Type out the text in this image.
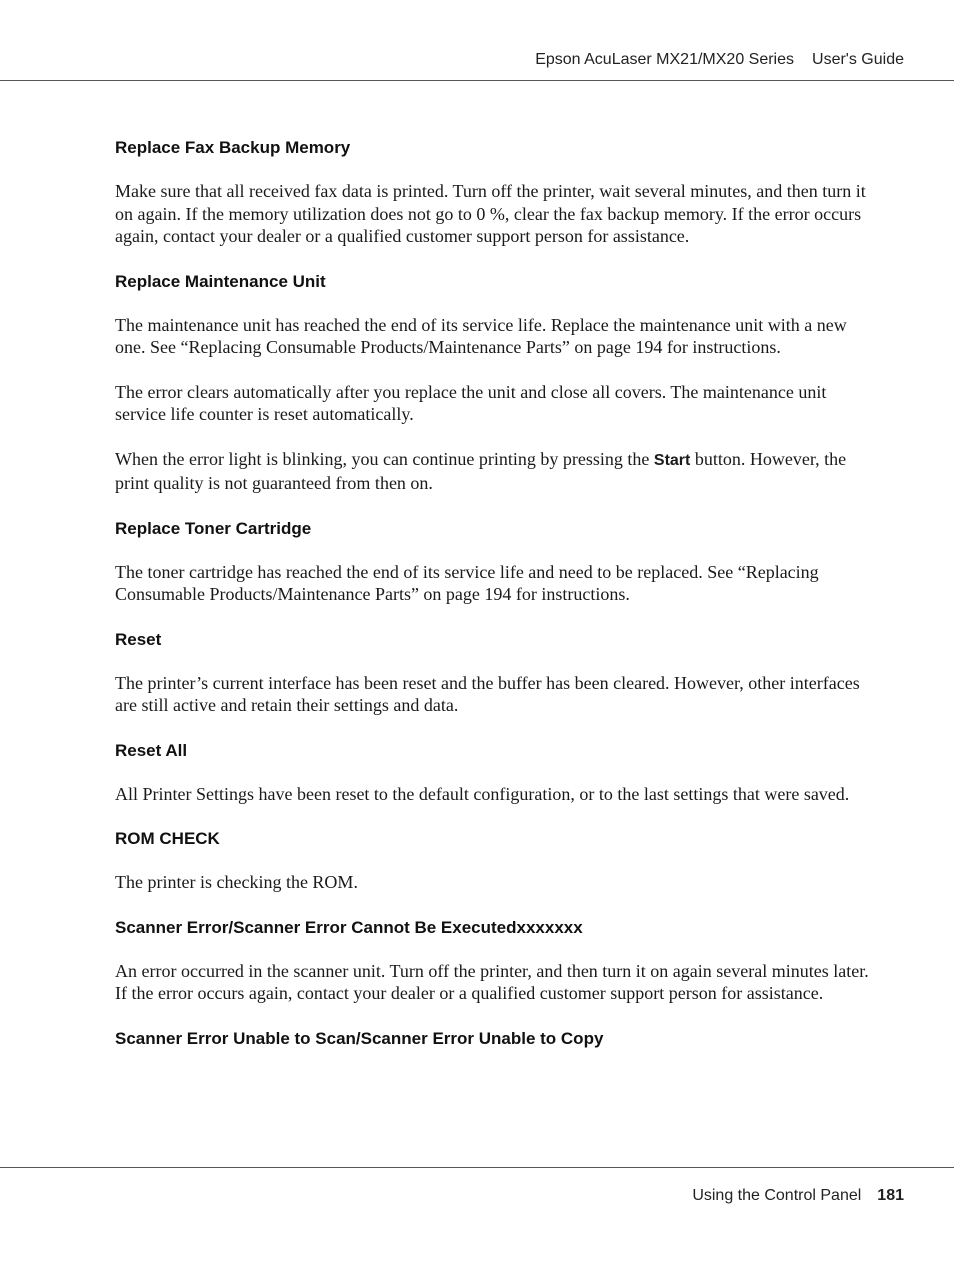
Epson AcuLaser MX21/MX20 Series User's Guide
Replace Fax Backup Memory

Make sure that all received fax data is printed. Turn off the printer, wait several minutes, and then turn it on again. If the memory utilization does not go to 0 %, clear the fax backup memory. If the error occurs again, contact your dealer or a qualified customer support person for assistance.

Replace Maintenance Unit

The maintenance unit has reached the end of its service life. Replace the maintenance unit with a new one. See “Replacing Consumable Products/Maintenance Parts” on page 194 for instructions.

The error clears automatically after you replace the unit and close all covers. The maintenance unit service life counter is reset automatically.

When the error light is blinking, you can continue printing by pressing the Start button. However, the print quality is not guaranteed from then on.

Replace Toner Cartridge

The toner cartridge has reached the end of its service life and need to be replaced. See “Replacing Consumable Products/Maintenance Parts” on page 194 for instructions.

Reset

The printer’s current interface has been reset and the buffer has been cleared. However, other interfaces are still active and retain their settings and data.

Reset All

All Printer Settings have been reset to the default configuration, or to the last settings that were saved.

ROM CHECK

The printer is checking the ROM.

Scanner Error/Scanner Error Cannot Be Executedxxxxxxx

An error occurred in the scanner unit. Turn off the printer, and then turn it on again several minutes later. If the error occurs again, contact your dealer or a qualified customer support person for assistance.

Scanner Error Unable to Scan/Scanner Error Unable to Copy
Using the Control Panel 181
